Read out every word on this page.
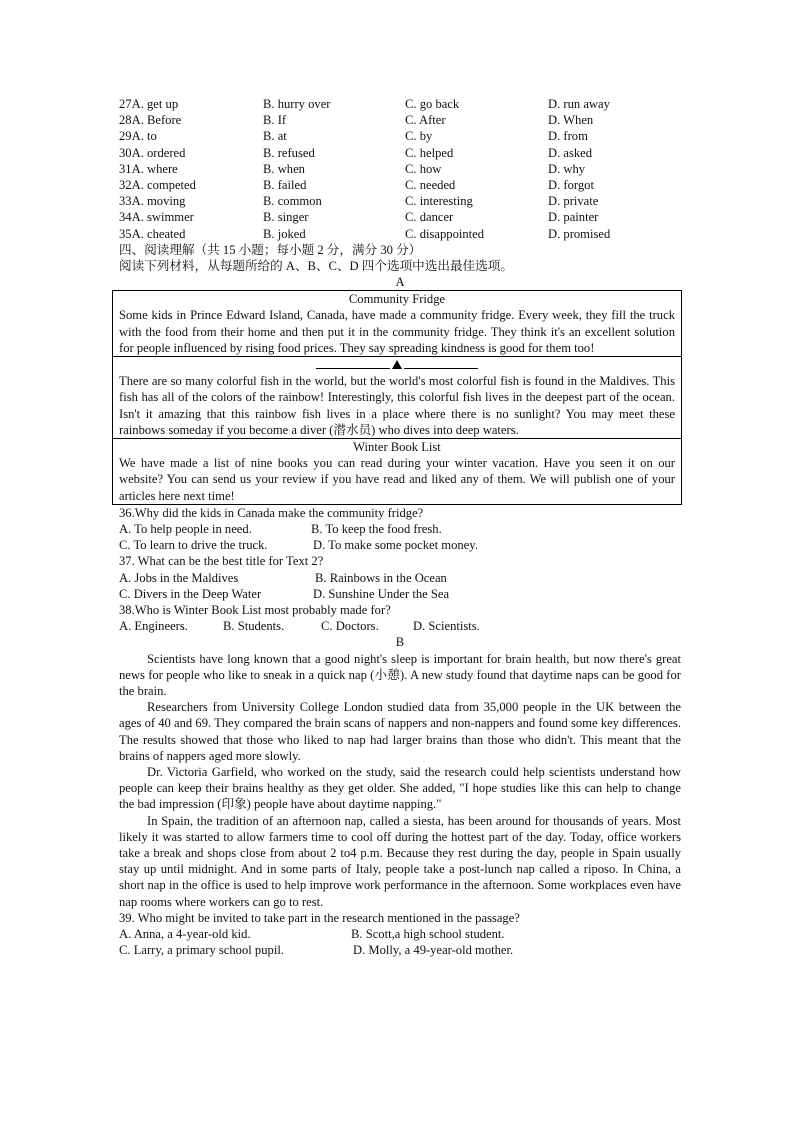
27A. get up	B. hurry over	C. go back	D. run away
28A. Before	B. If	C. After	D. When
29A. to	B. at	C. by	D. from
30A. ordered	B. refused	C. helped	D. asked
31A. where	B. when	C. how	D. why
32A. competed	B. failed	C. needed	D. forgot
33A. moving	B. common	C. interesting	D. private
34A. swimmer	B. singer	C. dancer	D. painter
35A. cheated	B. joked	C. disappointed	D. promised
四、阅读理解（共 15 小题；每小题 2 分，满分 30 分）
阅读下列材料，从每题所给的 A、B、C、D 四个选项中选出最佳选项。
A
Community Fridge

Some kids in Prince Edward Island, Canada, have made a community fridge. Every week, they fill the truck with the food from their home and then put it in the community fridge. They think it's an excellent solution for people influenced by rising food prices. They say spreading kindness is good for them too!

There are so many colorful fish in the world, but the world's most colorful fish is found in the Maldives. This fish has all of the colors of the rainbow! Interestingly, this colorful fish lives in the deepest part of the ocean. Isn't it amazing that this rainbow fish lives in a place where there is no sunlight? You may meet these rainbows someday if you become a diver (潜水员) who dives into deep waters.

Winter Book List

We have made a list of nine books you can read during your winter vacation. Have you seen it on our website? You can send us your review if you have read and liked any of them. We will publish one of your articles here next time!

36.Why did the kids in Canada make the community fridge?
A. To help people in need.	B. To keep the food fresh.
C. To learn to drive the truck.	D. To make some pocket money.
37. What can be the best title for Text 2?
A. Jobs in the Maldives	B. Rainbows in the Ocean
C. Divers in the Deep Water	D. Sunshine Under the Sea
38.Who is Winter Book List most probably made for?
A. Engineers.	B. Students.	C. Doctors.	D. Scientists.
B

Scientists have long known that a good night's sleep is important for brain health, but now there's great news for people who like to sneak in a quick nap (小憩). A new study found that daytime naps can be good for the brain.

Researchers from University College London studied data from 35,000 people in the UK between the ages of 40 and 69. They compared the brain scans of nappers and non-nappers and found some key differences. The results showed that those who liked to nap had larger brains than those who didn't. This meant that the brains of nappers aged more slowly.

Dr. Victoria Garfield, who worked on the study, said the research could help scientists understand how people can keep their brains healthy as they get older. She added, "I hope studies like this can help to change the bad impression (印象) people have about daytime napping."

In Spain, the tradition of an afternoon nap, called a siesta, has been around for thousands of years. Most likely it was started to allow farmers time to cool off during the hottest part of the day. Today, office workers take a break and shops close from about 2 to4 p.m. Because they rest during the day, people in Spain usually stay up until midnight. And in some parts of Italy, people take a post-lunch nap called a riposo. In China, a short nap in the office is used to help improve work performance in the afternoon. Some workplaces even have nap rooms where workers can go to rest.

39. Who might be invited to take part in the research mentioned in the passage?
A. Anna, a 4-year-old kid.	B. Scott,a high school student.
C. Larry, a primary school pupil.	D. Molly, a 49-year-old mother.
